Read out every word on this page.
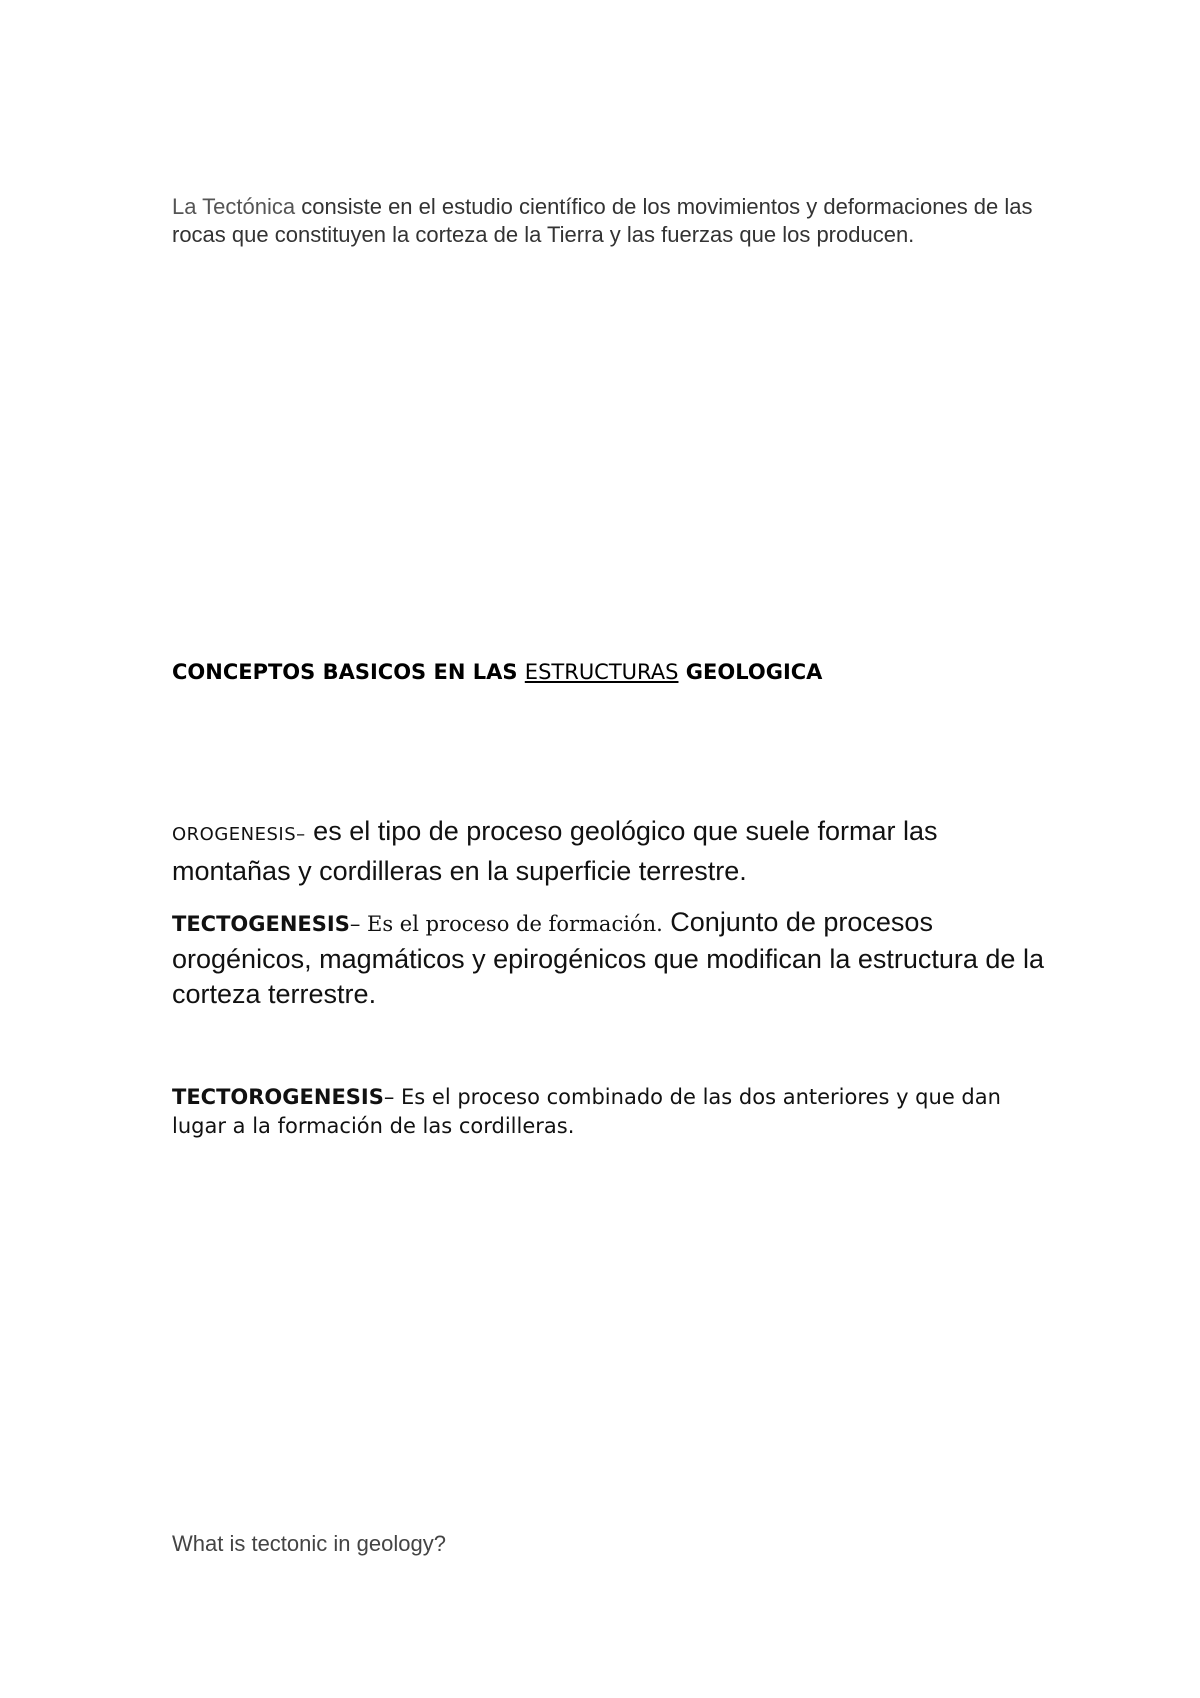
La Tectónica consiste en el estudio científico de los movimientos y deformaciones de las rocas que constituyen la corteza de la Tierra y las fuerzas que los producen.

CONCEPTOS BASICOS EN LAS ESTRUCTURAS GEOLOGICA

OROGENESIS– es el tipo de proceso geológico que suele formar las montañas y cordilleras en la superficie terrestre.

TECTOGENESIS– Es el proceso de formación. Conjunto de procesos orogénicos, magmáticos y epirogénicos que modifican la estructura de la corteza terrestre.

TECTOROGENESIS– Es el proceso combinado de las dos anteriores y que dan lugar a la formación de las cordilleras.

What is tectonic in geology?
